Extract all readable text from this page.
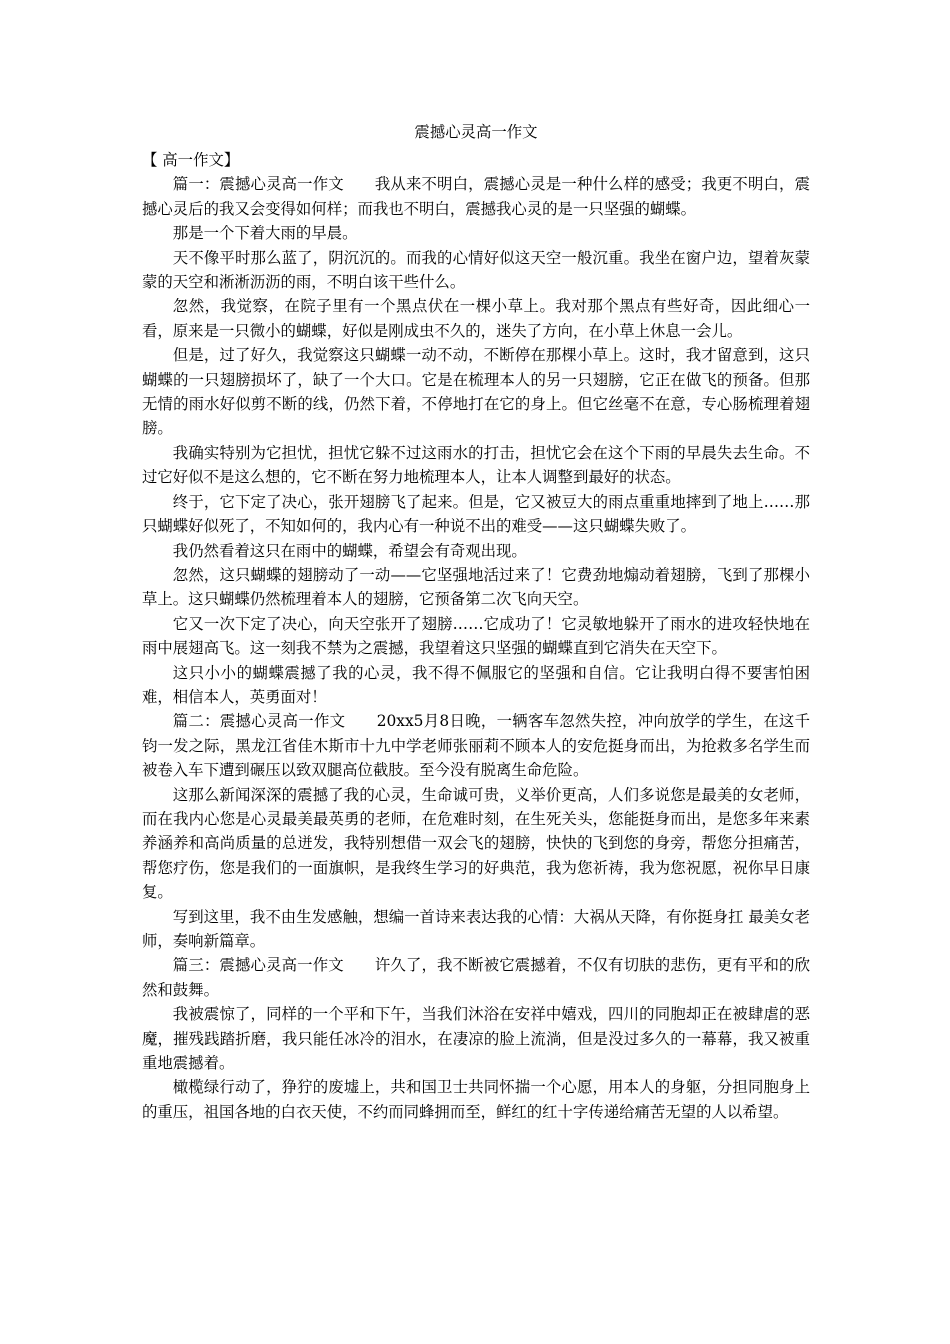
震撼心灵高一作文
【 高一作文】

篇一：震撼心灵高一作文　　我从来不明白，震撼心灵是一种什么样的感受；我更不明白，震撼心灵后的我又会变得如何样；而我也不明白，震撼我心灵的是一只坚强的蝴蝶。

那是一个下着大雨的早晨。

天不像平时那么蓝了，阴沉沉的。而我的心情好似这天空一般沉重。我坐在窗户边，望着灰蒙蒙的天空和淅淅沥沥的雨，不明白该干些什么。

忽然，我觉察，在院子里有一个黑点伏在一棵小草上。我对那个黑点有些好奇，因此细心一看，原来是一只微小的蝴蝶，好似是刚成虫不久的，迷失了方向，在小草上休息一会儿。

但是，过了好久，我觉察这只蝴蝶一动不动，不断停在那棵小草上。这时，我才留意到，这只蝴蝶的一只翅膀损坏了，缺了一个大口。它是在梳理本人的另一只翅膀，它正在做飞的预备。但那无情的雨水好似剪不断的线，仍然下着，不停地打在它的身上。但它丝毫不在意，专心肠梳理着翅膀。

我确实特别为它担忧，担忧它躲不过这雨水的打击，担忧它会在这个下雨的早晨失去生命。不过它好似不是这么想的，它不断在努力地梳理本人，让本人调整到最好的状态。

终于，它下定了决心，张开翅膀飞了起来。但是，它又被豆大的雨点重重地摔到了地上……那只蝴蝶好似死了，不知如何的，我内心有一种说不出的难受——这只蝴蝶失败了。

我仍然看着这只在雨中的蝴蝶，希望会有奇观出现。

忽然，这只蝴蝶的翅膀动了一动——它坚强地活过来了！它费劲地煽动着翅膀，飞到了那棵小草上。这只蝴蝶仍然梳理着本人的翅膀，它预备第二次飞向天空。

它又一次下定了决心，向天空张开了翅膀……它成功了！它灵敏地躲开了雨水的进攻轻快地在雨中展翅高飞。这一刻我不禁为之震撼，我望着这只坚强的蝴蝶直到它消失在天空下。

这只小小的蝴蝶震撼了我的心灵，我不得不佩服它的坚强和自信。它让我明白得不要害怕困难，相信本人，英勇面对！

篇二：震撼心灵高一作文　　20xx5月8日晚，一辆客车忽然失控，冲向放学的学生，在这千钧一发之际，黑龙江省佳木斯市十九中学老师张丽莉不顾本人的安危挺身而出，为抢救多名学生而被卷入车下遭到碾压以致双腿高位截肢。至今没有脱离生命危险。

这那么新闻深深的震撼了我的心灵，生命诚可贵，义举价更高，人们多说您是最美的女老师，而在我内心您是心灵最美最英勇的老师，在危难时刻，在生死关头，您能挺身而出，是您多年来素养涵养和高尚质量的总迸发，我特别想借一双会飞的翅膀，快快的飞到您的身旁，帮您分担痛苦，帮您疗伤，您是我们的一面旗帜，是我终生学习的好典范，我为您祈祷，我为您祝愿，祝你早日康复。

写到这里，我不由生发感触，想编一首诗来表达我的心情：大祸从天降，有你挺身扛 最美女老师，奏响新篇章。

篇三：震撼心灵高一作文　　许久了，我不断被它震撼着，不仅有切肤的悲伤，更有平和的欣然和鼓舞。

我被震惊了，同样的一个平和下午，当我们沐浴在安祥中嬉戏，四川的同胞却正在被肆虐的恶魔，摧残践踏折磨，我只能任冰冷的泪水，在凄凉的脸上流淌，但是没过多久的一幕幕，我又被重重地震撼着。

橄榄绿行动了，狰狞的废墟上，共和国卫士共同怀揣一个心愿，用本人的身躯，分担同胞身上的重压，祖国各地的白衣天使，不约而同蜂拥而至，鲜红的红十字传递给痛苦无望的人以希望。
